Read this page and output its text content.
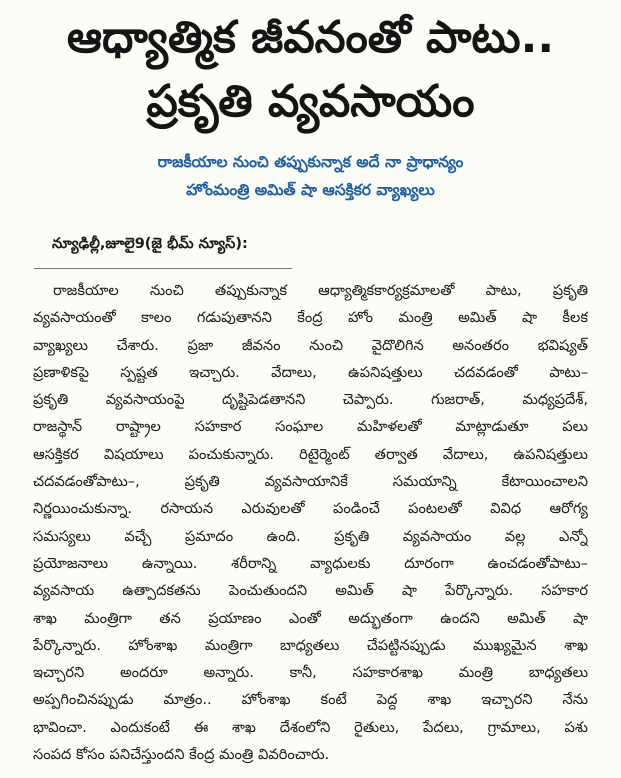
ఆధ్యాత్మిక జీవనంతో పాటు..
ప్రకృతి వ్యవసాయం
రాజకీయాల నుంచి తప్పుకున్నాక అదే నా ప్రాధాన్యం
హోంమంత్రి అమిత్ షా ఆసక్తికర వ్యాఖ్యలు
న్యూఢిల్లీ,జూలై9(జై భీమ్ న్యూస్):
రాజకీయాల నుంచి తప్పుకున్నాక ఆధ్యాత్మికకార్యక్రమాలతో పాటు, ప్రకృతి
వ్యవసాయంతో కాలం గడుపుతానని కేంద్ర హోం మంత్రి అమిత్ షా కీలక
వ్యాఖ్యలు చేశారు. ప్రజా జీవనం నుంచి వైదొలిగిన అనంతరం భవిష్యత్
ప్రణాళికపై స్పష్టత ఇచ్చారు. వేదాలు, ఉపనిషత్తులు చదవడంతో పాటు–
ప్రకృతి వ్యవసాయంపై దృష్టిపెడతానని చెప్పారు. గుజరాత్, మధ్యప్రదేశ్,
రాజస్థాన్ రాష్ట్రాల సహకార సంఘాల మహిళలతో మాట్లాడుతూ పలు
ఆసక్తికర విషయాలు పంచుకున్నారు. రిటైర్మెంట్ తర్వాత వేదాలు, ఉపనిషత్తులు
చదవడంతోపాటు–, ప్రకృతి వ్యవసాయానికే సమయాన్ని కేటాయించాలని
నిర్ణయించుకున్నా. రసాయన ఎరువులతో పండించే పంటలతో వివిధ ఆరోగ్య
సమస్యలు వచ్చే ప్రమాదం ఉంది. ప్రకృతి వ్యవసాయం వల్ల ఎన్నో
ప్రయోజనాలు ఉన్నాయి. శరీరాన్ని వ్యాధులకు దూరంగా ఉంచడంతోపాటు–
వ్యవసాయ ఉత్పాదకతను పెంచుతుందని అమిత్ షా పేర్కొన్నారు. సహకార
శాఖ మంత్రిగా తన ప్రయాణం ఎంతో అద్భుతంగా ఉందని అమిత్ షా
పేర్కొన్నారు. హోంశాఖ మంత్రిగా బాధ్యతలు చేపట్టినప్పుడు ముఖ్యమైన శాఖ
ఇచ్చారని అందరూ అన్నారు. కానీ, సహకారశాఖ మంత్రి బాధ్యతలు
అప్పగించినప్పుడు మాత్రం.. హోంశాఖ కంటే పెద్ద శాఖ ఇచ్చారని నేను
భావించా. ఎందుకంటే ఈ శాఖ దేశంలోని రైతులు, పేదలు, గ్రామాలు, పశు
సంపద కోసం పనిచేస్తుందని కేంద్ర మంత్రి వివరించారు.
